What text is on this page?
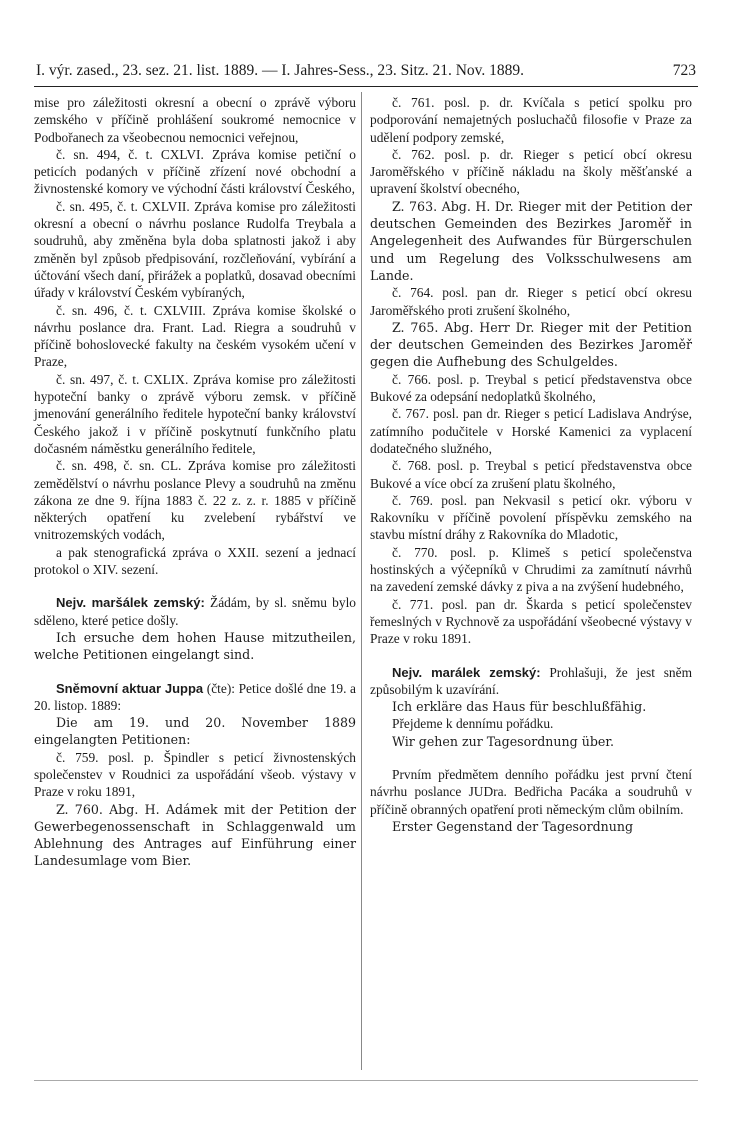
I. výr. zased., 23. sez. 21. list. 1889. — I. Jahres-Sess., 23. Sitz. 21. Nov. 1889.	723

mise pro záležitosti okresní a obecní o zprávě výboru zemského v příčině prohlášení soukromé nemocnice v Podbořanech za všeobecnou nemocnici veřejnou,

č. sn. 494, č. t. CXLVI. Zpráva komise petiční o peticích podaných v příčině zřízení nové obchodní a živnostenské komory ve východní části království Českého,

č. sn. 495, č. t. CXLVII. Zpráva komise pro záležitosti okresní a obecní o návrhu poslance Rudolfa Treybala a soudruhů, aby změněna byla doba splatnosti jakož i aby změněn byl způsob předpisování, rozčleňování, vybírání a účtování všech daní, přirážek a poplatků, dosavad obecními úřady v království Českém vybíraných,

č. sn. 496, č. t. CXLVIII. Zpráva komise školské o návrhu poslance dra. Frant. Lad. Riegra a soudruhů v příčině bohoslovecké fakulty na českém vysokém učení v Praze,

č. sn. 497, č. t. CXLIX. Zpráva komise pro záležitosti hypoteční banky o zprávě výboru zemsk. v příčině jmenování generálního ředitele hypoteční banky království Českého jakož i v příčině poskytnutí funkčního platu dočasném náměstku generálního ředitele,

č. sn. 498, č. sn. CL. Zpráva komise pro záležitosti zemědělství o návrhu poslance Plevy a soudruhů na změnu zákona ze dne 9. října 1883 č. 22 z. z. r. 1885 v příčině některých opatření ku zvelebení rybářství ve vnitrozemských vodách,

a pak stenografická zpráva o XXII. sezení a jednací protokol o XIV. sezení.

Nejv. maršálek zemský: Žádám, by sl. sněmu bylo sděleno, které petice došly.

Ich ersuche dem hohen Hause mitzutheilen, welche Petitionen eingelangt sind.

Sněmovní aktuar Juppa (čte): Petice došlé dne 19. a 20. listop. 1889:

Die am 19. und 20. November 1889 eingelangten Petitionen:

č. 759. posl. p. Špindler s peticí živnostenských společenstev v Roudnici za uspořádání všeob. výstavy v Praze v roku 1891,

Z. 760. Abg. H. Adámek mit der Petition der Gewerbegenossenschaft in Schlaggenwald um Ablehnung des Antrages auf Einführung einer Landesumlage vom Bier.

č. 761. posl. p. dr. Kvíčala s peticí spolku pro podporování nemajetných posluchačů filosofie v Praze za udělení podpory zemské,

č. 762. posl. p. dr. Rieger s peticí obcí okresu Jaroměřského v příčině nákladu na školy měšťanské a upravení školství obecného,

Z. 763. Abg. H. Dr. Rieger mit der Petition der deutschen Gemeinden des Bezirkes Jaroměř in Angelegenheit des Aufwandes für Bürgerschulen und um Regelung des Volksschulwesens am Lande.

č. 764. posl. pan dr. Rieger s peticí obcí okresu Jaroměřského proti zrušení školného,

Z. 765. Abg. Herr Dr. Rieger mit der Petition der deutschen Gemeinden des Bezirkes Jaroměř gegen die Aufhebung des Schulgeldes.

č. 766. posl. p. Treybal s peticí představenstva obce Bukové za odepsání nedoplatků školného,

č. 767. posl. pan dr. Rieger s peticí Ladislava Andrýse, zatímního podučitele v Horské Kamenici za vyplacení dodatečného služného,

č. 768. posl. p. Treybal s peticí představenstva obce Bukové a více obcí za zrušení platu školného,

č. 769. posl. pan Nekvasil s peticí okr. výboru v Rakovníku v příčině povolení příspěvku zemského na stavbu místní dráhy z Rakovníka do Mladotic,

č. 770. posl. p. Klimeš s peticí společenstva hostinských a výčepníků v Chrudimi za zamítnutí návrhů na zavedení zemské dávky z piva a na zvýšení hudebného,

č. 771. posl. pan dr. Škarda s peticí společenstev řemeslných v Rychnově za uspořádání všeobecné výstavy v Praze v roku 1891.

Nejv. marálek zemský: Prohlašuji, že jest sněm způsobilým k uzavírání.

Ich erkläre das Haus für beschlußfähig.

Přejdeme k dennímu pořádku.

Wir gehen zur Tagesordnung über.

Prvním předmětem denního pořádku jest první čtení návrhu poslance JUDra. Bedřicha Pacáka a soudruhů v příčině obranných opatření proti německým clům obilním.

Erster Gegenstand der Tagesordnung
